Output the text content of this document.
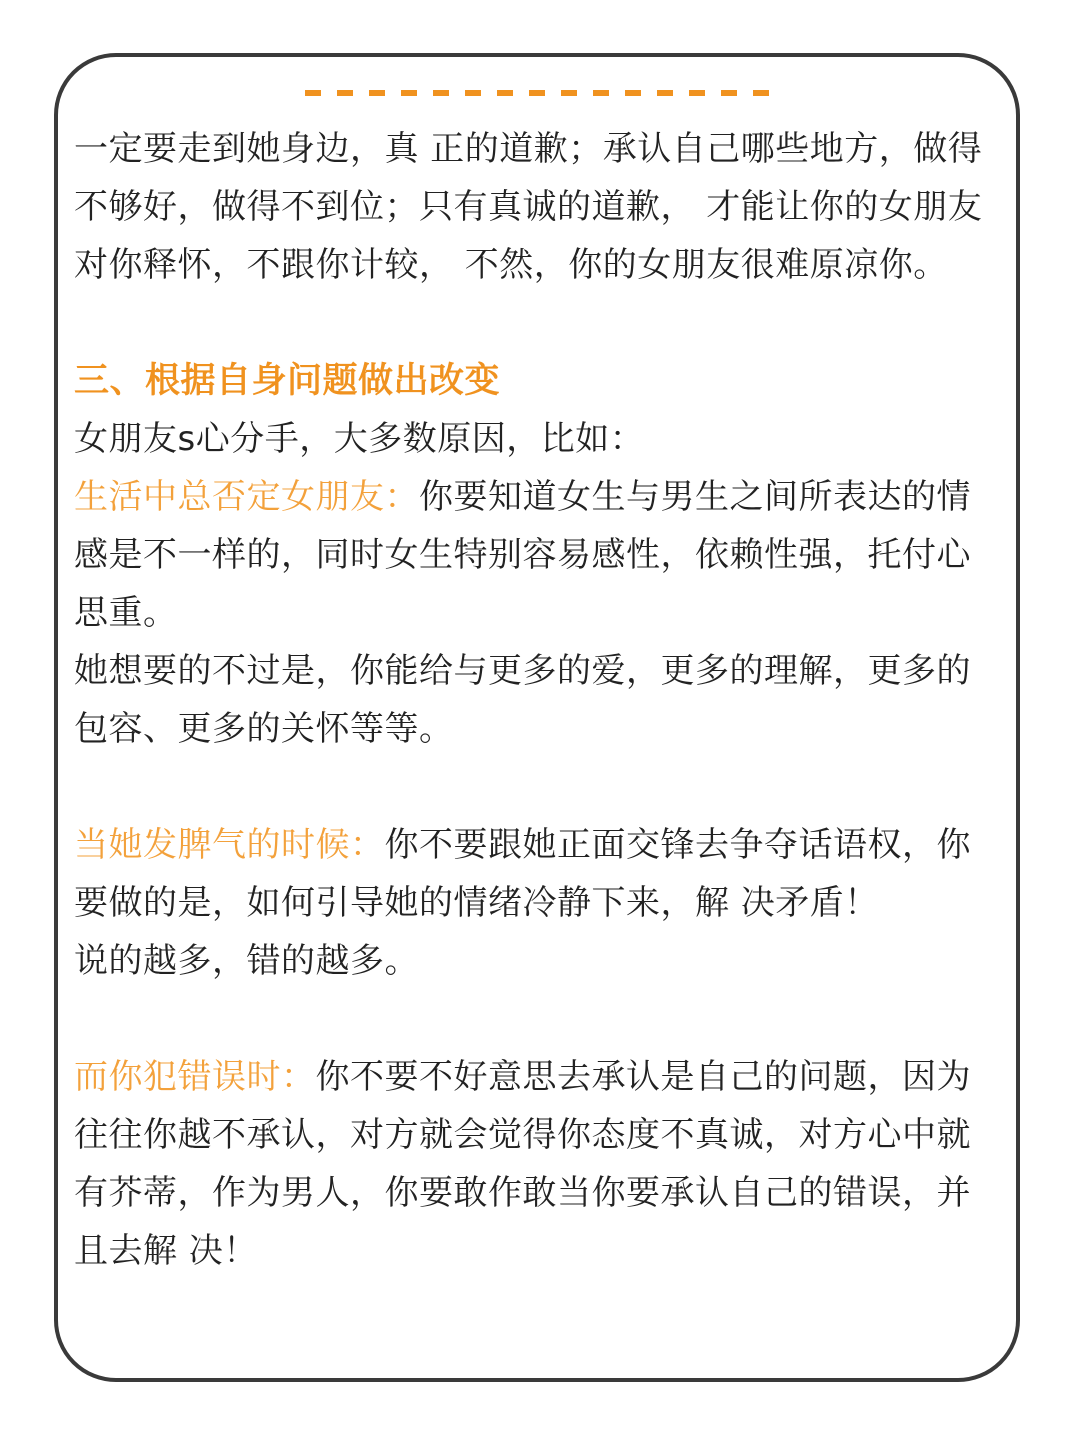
一定要走到她身边，真 正的道歉；承认自己哪些地方，做得不够好，做得不到位；只有真诚的道歉， 才能让你的女朋友对你释怀，不跟你计较， 不然，你的女朋友很难原凉你。

三、根据自身问题做出改变

女朋友s心分手，大多数原因，比如：

生活中总否定女朋友：你要知道女生与男生之间所表达的情感是不一样的，同时女生特别容易感性，依赖性强，托付心思重。

她想要的不过是，你能给与更多的爱，更多的理解，更多的包容、更多的关怀等等。

当她发脾气的时候：你不要跟她正面交锋去争夺话语权，你要做的是，如何引导她的情绪冷静下来，解 决矛盾！

说的越多，错的越多。

而你犯错误时：你不要不好意思去承认是自己的问题，因为往往你越不承认，对方就会觉得你态度不真诚，对方心中就有芥蒂，作为男人，你要敢作敢当你要承认自己的错误，并且去解 决！
